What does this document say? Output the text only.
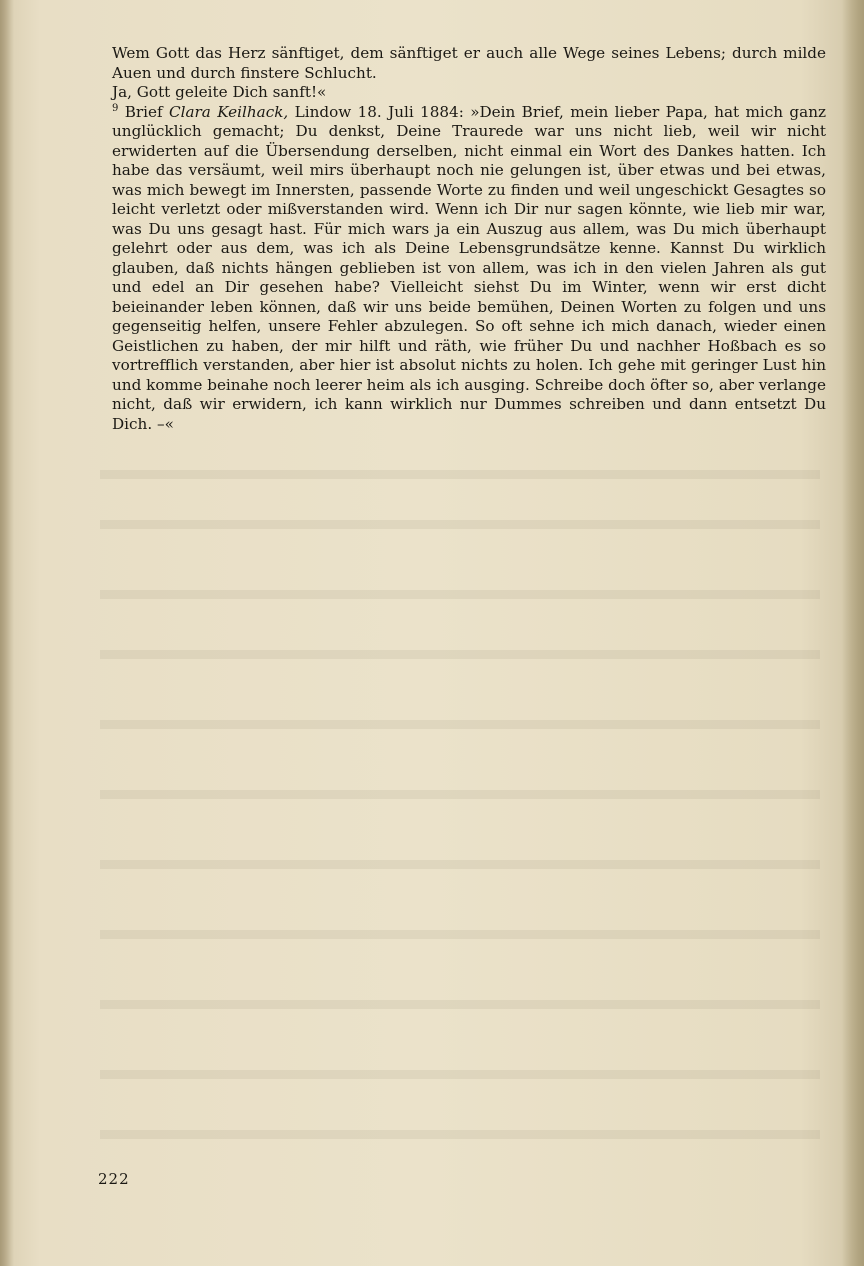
Wem Gott das Herz sänftiget, dem sänftiget er auch alle Wege seines Lebens; durch milde Auen und durch finstere Schlucht.

Ja, Gott geleite Dich sanft!«

$^9$ Brief Clara Keilhack, Lindow 18. Juli 1884: »Dein Brief, mein lieber Papa, hat mich ganz unglücklich gemacht; Du denkst, Deine Traurede war uns nicht lieb, weil wir nicht erwiderten auf die Übersendung derselben, nicht einmal ein Wort des Dankes hatten. Ich habe das versäumt, weil mirs überhaupt noch nie gelungen ist, über etwas und bei etwas, was mich bewegt im Innersten, passende Worte zu finden und weil ungeschickt Gesagtes so leicht verletzt oder mißverstanden wird. Wenn ich Dir nur sagen könnte, wie lieb mir war, was Du uns gesagt hast. Für mich wars ja ein Auszug aus allem, was Du mich überhaupt gelehrt oder aus dem, was ich als Deine Lebensgrundsätze kenne. Kannst Du wirklich glauben, daß nichts hängen geblieben ist von allem, was ich in den vielen Jahren als gut und edel an Dir gesehen habe? Vielleicht siehst Du im Winter, wenn wir erst dicht beieinander leben können, daß wir uns beide bemühen, Deinen Worten zu folgen und uns gegenseitig helfen, unsere Fehler abzulegen. So oft sehne ich mich danach, wieder einen Geistlichen zu haben, der mir hilft und räth, wie früher Du und nachher Hoßbach es so vortrefflich verstanden, aber hier ist absolut nichts zu holen. Ich gehe mit geringer Lust hin und komme beinahe noch leerer heim als ich ausging. Schreibe doch öfter so, aber verlange nicht, daß wir erwidern, ich kann wirklich nur Dummes schreiben und dann entsetzt Du Dich. –«

222
